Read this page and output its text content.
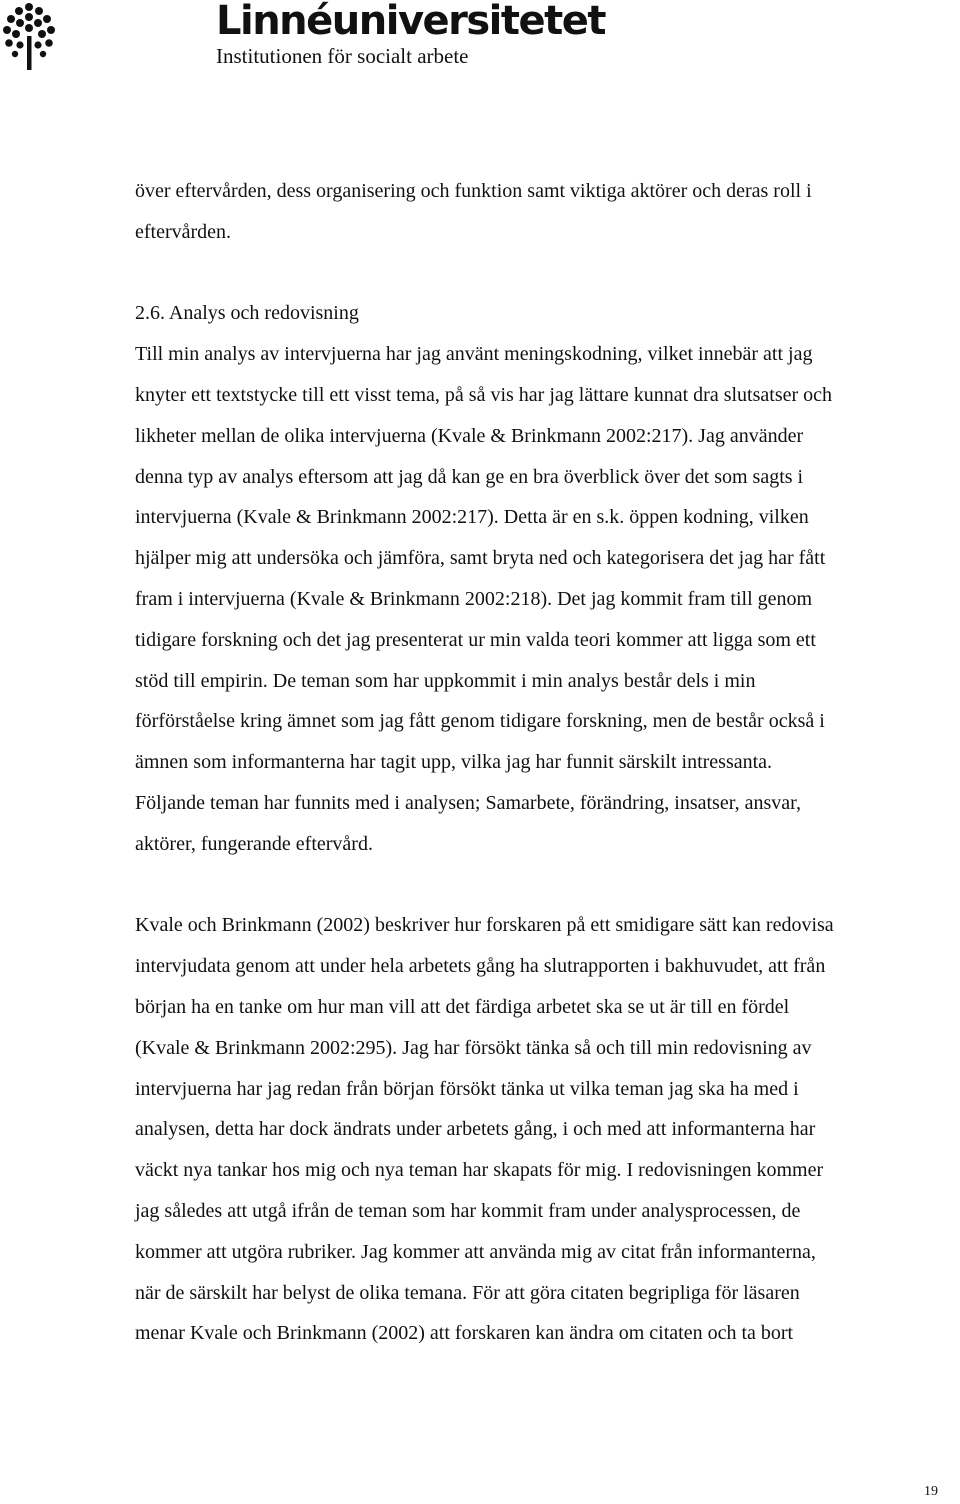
Linnéuniversitetet
Institutionen för socialt arbete

över eftervården, dess organisering och funktion samt viktiga aktörer och deras roll i
eftervården.

2.6. Analys och redovisning
Till min analys av intervjuerna har jag använt meningskodning, vilket innebär att jag
knyter ett textstycke till ett visst tema, på så vis har jag lättare kunnat dra slutsatser och
likheter mellan de olika intervjuerna (Kvale & Brinkmann 2002:217). Jag använder
denna typ av analys eftersom att jag då kan ge en bra överblick över det som sagts i
intervjuerna (Kvale & Brinkmann 2002:217). Detta är en s.k. öppen kodning, vilken
hjälper mig att undersöka och jämföra, samt bryta ned och kategorisera det jag har fått
fram i intervjuerna (Kvale & Brinkmann 2002:218). Det jag kommit fram till genom
tidigare forskning och det jag presenterat ur min valda teori kommer att ligga som ett
stöd till empirin. De teman som har uppkommit i min analys består dels i min
förförståelse kring ämnet som jag fått genom tidigare forskning, men de består också i
ämnen som informanterna har tagit upp, vilka jag har funnit särskilt intressanta.
Följande teman har funnits med i analysen; Samarbete, förändring, insatser, ansvar,
aktörer, fungerande eftervård.

Kvale och Brinkmann (2002) beskriver hur forskaren på ett smidigare sätt kan redovisa
intervjudata genom att under hela arbetets gång ha slutrapporten i bakhuvudet, att från
början ha en tanke om hur man vill att det färdiga arbetet ska se ut är till en fördel
(Kvale & Brinkmann 2002:295). Jag har försökt tänka så och till min redovisning av
intervjuerna har jag redan från början försökt tänka ut vilka teman jag ska ha med i
analysen, detta har dock ändrats under arbetets gång, i och med att informanterna har
väckt nya tankar hos mig och nya teman har skapats för mig. I redovisningen kommer
jag således att utgå ifrån de teman som har kommit fram under analysprocessen, de
kommer att utgöra rubriker. Jag kommer att använda mig av citat från informanterna,
när de särskilt har belyst de olika temana. För att göra citaten begripliga för läsaren
menar Kvale och Brinkmann (2002) att forskaren kan ändra om citaten och ta bort

19
